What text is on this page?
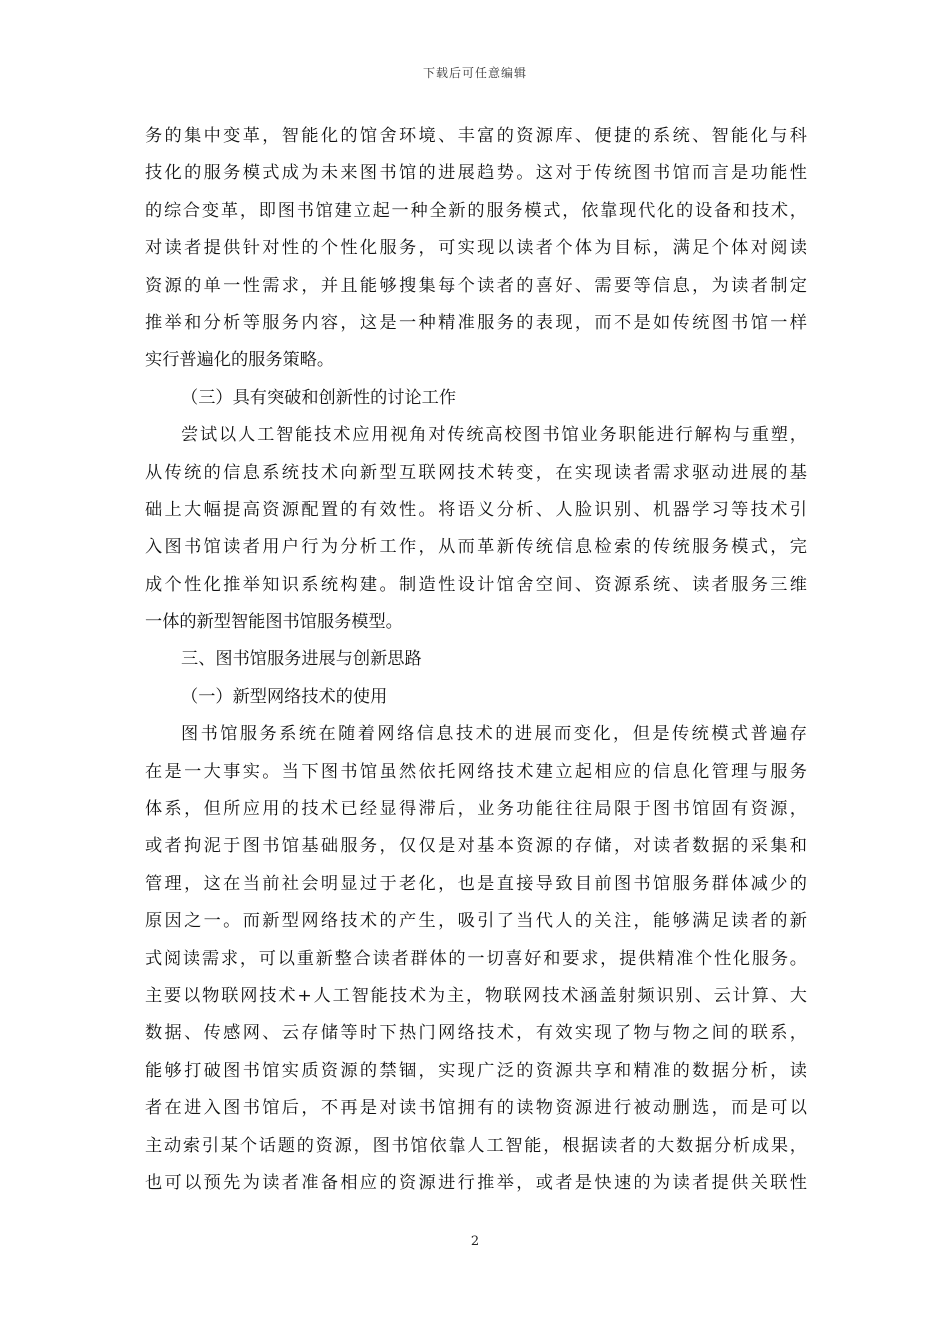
下载后可任意编辑
务的集中变革，智能化的馆舍环境、丰富的资源库、便捷的系统、智能化与科
技化的服务模式成为未来图书馆的进展趋势。这对于传统图书馆而言是功能性
的综合变革，即图书馆建立起一种全新的服务模式，依靠现代化的设备和技术，
对读者提供针对性的个性化服务，可实现以读者个体为目标，满足个体对阅读
资源的单一性需求，并且能够搜集每个读者的喜好、需要等信息，为读者制定
推举和分析等服务内容，这是一种精准服务的表现，而不是如传统图书馆一样
实行普遍化的服务策略。
（三）具有突破和创新性的讨论工作
尝试以人工智能技术应用视角对传统高校图书馆业务职能进行解构与重塑，
从传统的信息系统技术向新型互联网技术转变，在实现读者需求驱动进展的基
础上大幅提高资源配置的有效性。将语义分析、人脸识别、机器学习等技术引
入图书馆读者用户行为分析工作，从而革新传统信息检索的传统服务模式，完
成个性化推举知识系统构建。制造性设计馆舍空间、资源系统、读者服务三维
一体的新型智能图书馆服务模型。
三、图书馆服务进展与创新思路
（一）新型网络技术的使用
图书馆服务系统在随着网络信息技术的进展而变化，但是传统模式普遍存
在是一大事实。当下图书馆虽然依托网络技术建立起相应的信息化管理与服务
体系，但所应用的技术已经显得滞后，业务功能往往局限于图书馆固有资源，
或者拘泥于图书馆基础服务，仅仅是对基本资源的存储，对读者数据的采集和
管理，这在当前社会明显过于老化，也是直接导致目前图书馆服务群体减少的
原因之一。而新型网络技术的产生，吸引了当代人的关注，能够满足读者的新
式阅读需求，可以重新整合读者群体的一切喜好和要求，提供精准个性化服务。
主要以物联网技术+人工智能技术为主，物联网技术涵盖射频识别、云计算、大
数据、传感网、云存储等时下热门网络技术，有效实现了物与物之间的联系，
能够打破图书馆实质资源的禁锢，实现广泛的资源共享和精准的数据分析，读
者在进入图书馆后，不再是对读书馆拥有的读物资源进行被动删选，而是可以
主动索引某个话题的资源，图书馆依靠人工智能，根据读者的大数据分析成果，
也可以预先为读者准备相应的资源进行推举，或者是快速的为读者提供关联性
2
